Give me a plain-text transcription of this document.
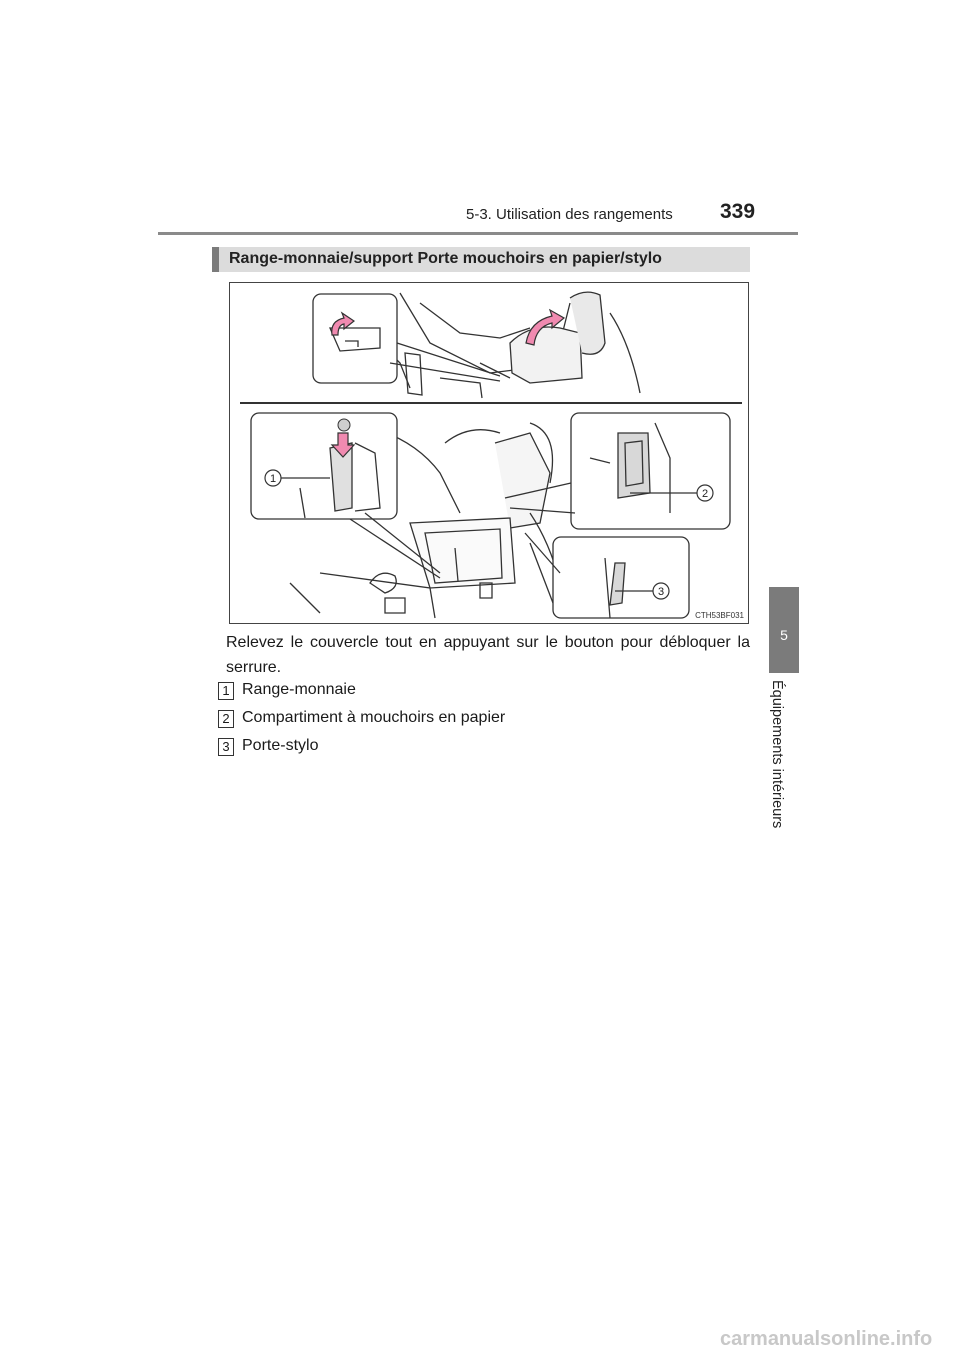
5-3. Utilisation des rangements 339
5
Équipements intérieurs
Range-monnaie/support Porte mouchoirs en papier/stylo
1
2
3
CTH53BF031
Relevez le couvercle tout en appuyant sur le bouton pour débloquer la serrure.
1 Range-monnaie
2 Compartiment à mouchoirs en papier
3 Porte-stylo
carmanualsonline.info
